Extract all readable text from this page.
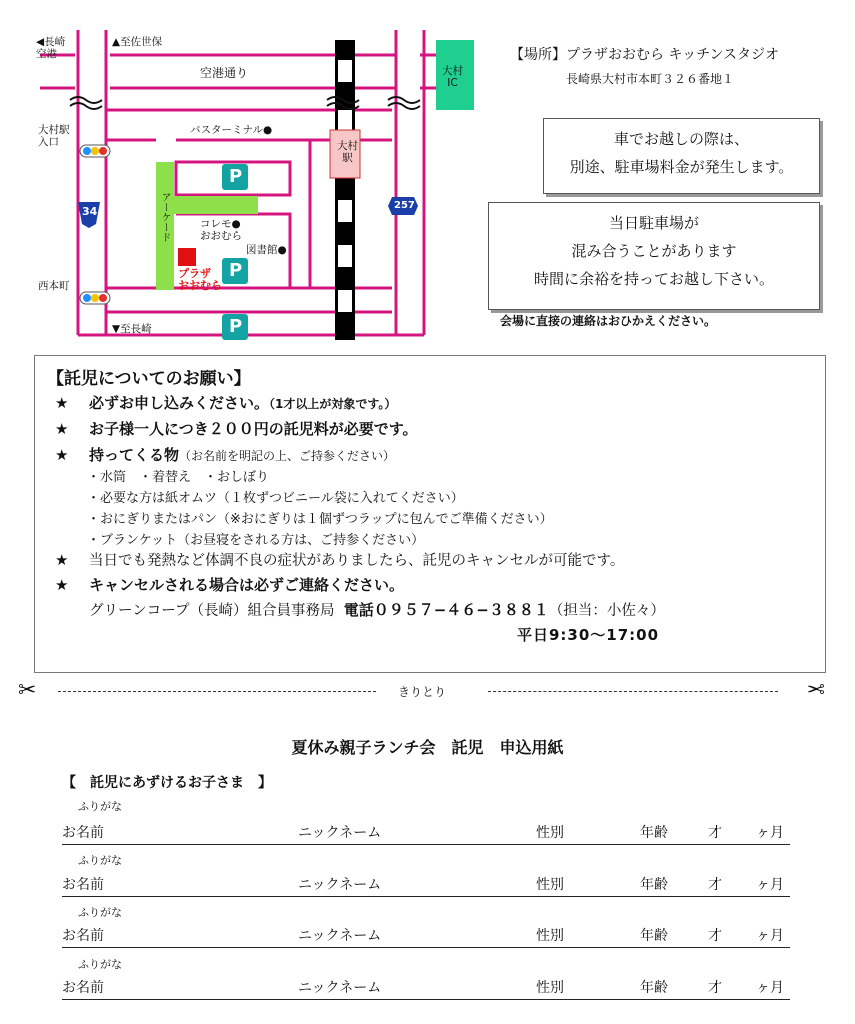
◀長崎
空港
▲至佐世保
空港通り	大村
IC
バスターミナル●
大村駅
入口	大村
駅
34	257
アーケード
P
P
P
コレモ●
おおむら
図書館●
プラザ
おおむら
西本町
▼至長崎
【場所】プラザおおむら キッチンスタジオ
長崎県大村市本町３２６番地１
車でお越しの際は、
別途、駐車場料金が発生します。
当日駐車場が
混み合うことがあります
時間に余裕を持ってお越し下さい。
会場に直接の連絡はおひかえください。
【託児についてのお願い】
★ 必ずお申し込みください。（1才以上が対象です。）
★ お子様一人につき２００円の託児料が必要です。
★ 持ってくる物（お名前を明記の上、ご持参ください）
・水筒　・着替え　・おしぼり
・必要な方は紙オムツ（１枚ずつビニール袋に入れてください）
・おにぎりまたはパン（※おにぎりは１個ずつラップに包んでご準備ください）
・ブランケット（お昼寝をされる方は、ご持参ください）
★ 当日でも発熱など体調不良の症状がありましたら、託児のキャンセルが可能です。
★ キャンセルされる場合は必ずご連絡ください。
グリーンコープ（長崎）組合員事務局 電話０９５７−４６−３８８１（担当：小佐々）
平日9:30〜17:00
✂	きりとり	✂
夏休み親子ランチ会　託児　申込用紙
【　託児にあずけるお子さま　】
ふりがな
お名前	ニックネーム	性別	年齢	才 ヶ月
ふりがな
お名前	ニックネーム	性別	年齢	才 ヶ月
ふりがな
お名前	ニックネーム	性別	年齢	才 ヶ月
ふりがな
お名前	ニックネーム	性別	年齢	才 ヶ月
